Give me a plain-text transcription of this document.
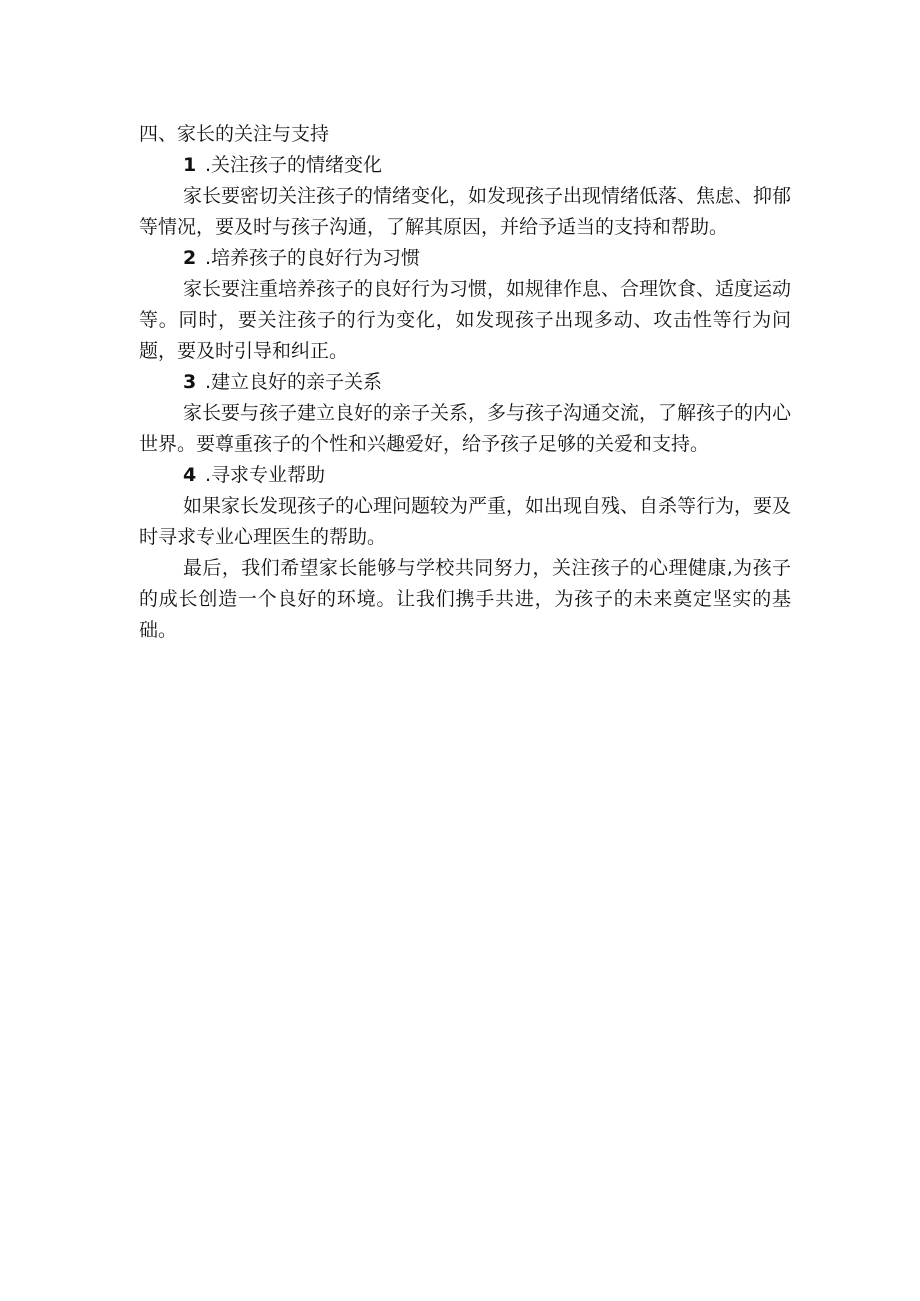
四、家长的关注与支持

1 .关注孩子的情绪变化

家长要密切关注孩子的情绪变化，如发现孩子出现情绪低落、焦虑、抑郁等情况，要及时与孩子沟通，了解其原因，并给予适当的支持和帮助。

2 .培养孩子的良好行为习惯

家长要注重培养孩子的良好行为习惯，如规律作息、合理饮食、适度运动等。同时，要关注孩子的行为变化，如发现孩子出现多动、攻击性等行为问题，要及时引导和纠正。

3 .建立良好的亲子关系

家长要与孩子建立良好的亲子关系，多与孩子沟通交流，了解孩子的内心世界。要尊重孩子的个性和兴趣爱好，给予孩子足够的关爱和支持。

4 .寻求专业帮助

如果家长发现孩子的心理问题较为严重，如出现自残、自杀等行为，要及时寻求专业心理医生的帮助。

最后，我们希望家长能够与学校共同努力，关注孩子的心理健康,为孩子的成长创造一个良好的环境。让我们携手共进，为孩子的未来奠定坚实的基础。
